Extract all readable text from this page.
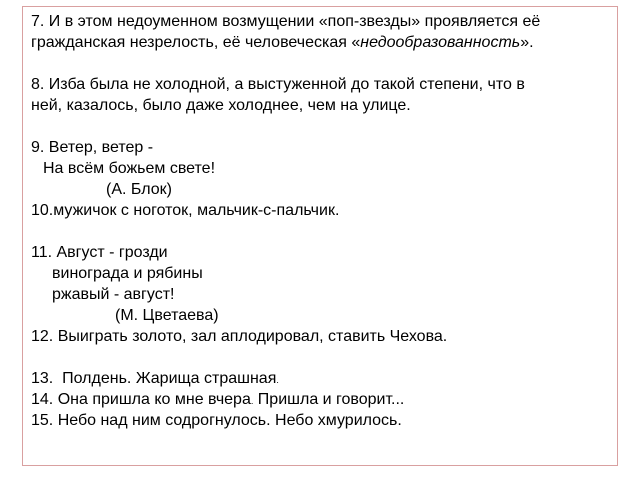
7. И в этом недоуменном возмущении «поп-звезды» проявляется её
гражданская незрелость, её человеческая «недообразованность».
8. Изба была не холодной, а выстуженной до такой степени, что в
ней, казалось, было даже холоднее, чем на улице.
9. Ветер, ветер -
На всём божьем свете!
(А. Блок)
10.мужичок с ноготок, мальчик-с-пальчик.
11. Август - грозди
винограда и рябины
ржавый - август!
(М. Цветаева)
12. Выиграть золото, зал аплодировал, ставить Чехова.
13.  Полдень. Жарища страшная.
14. Она пришла ко мне вчера. Пришла и говорит...
15. Небо над ним содрогнулось. Небо хмурилось.
